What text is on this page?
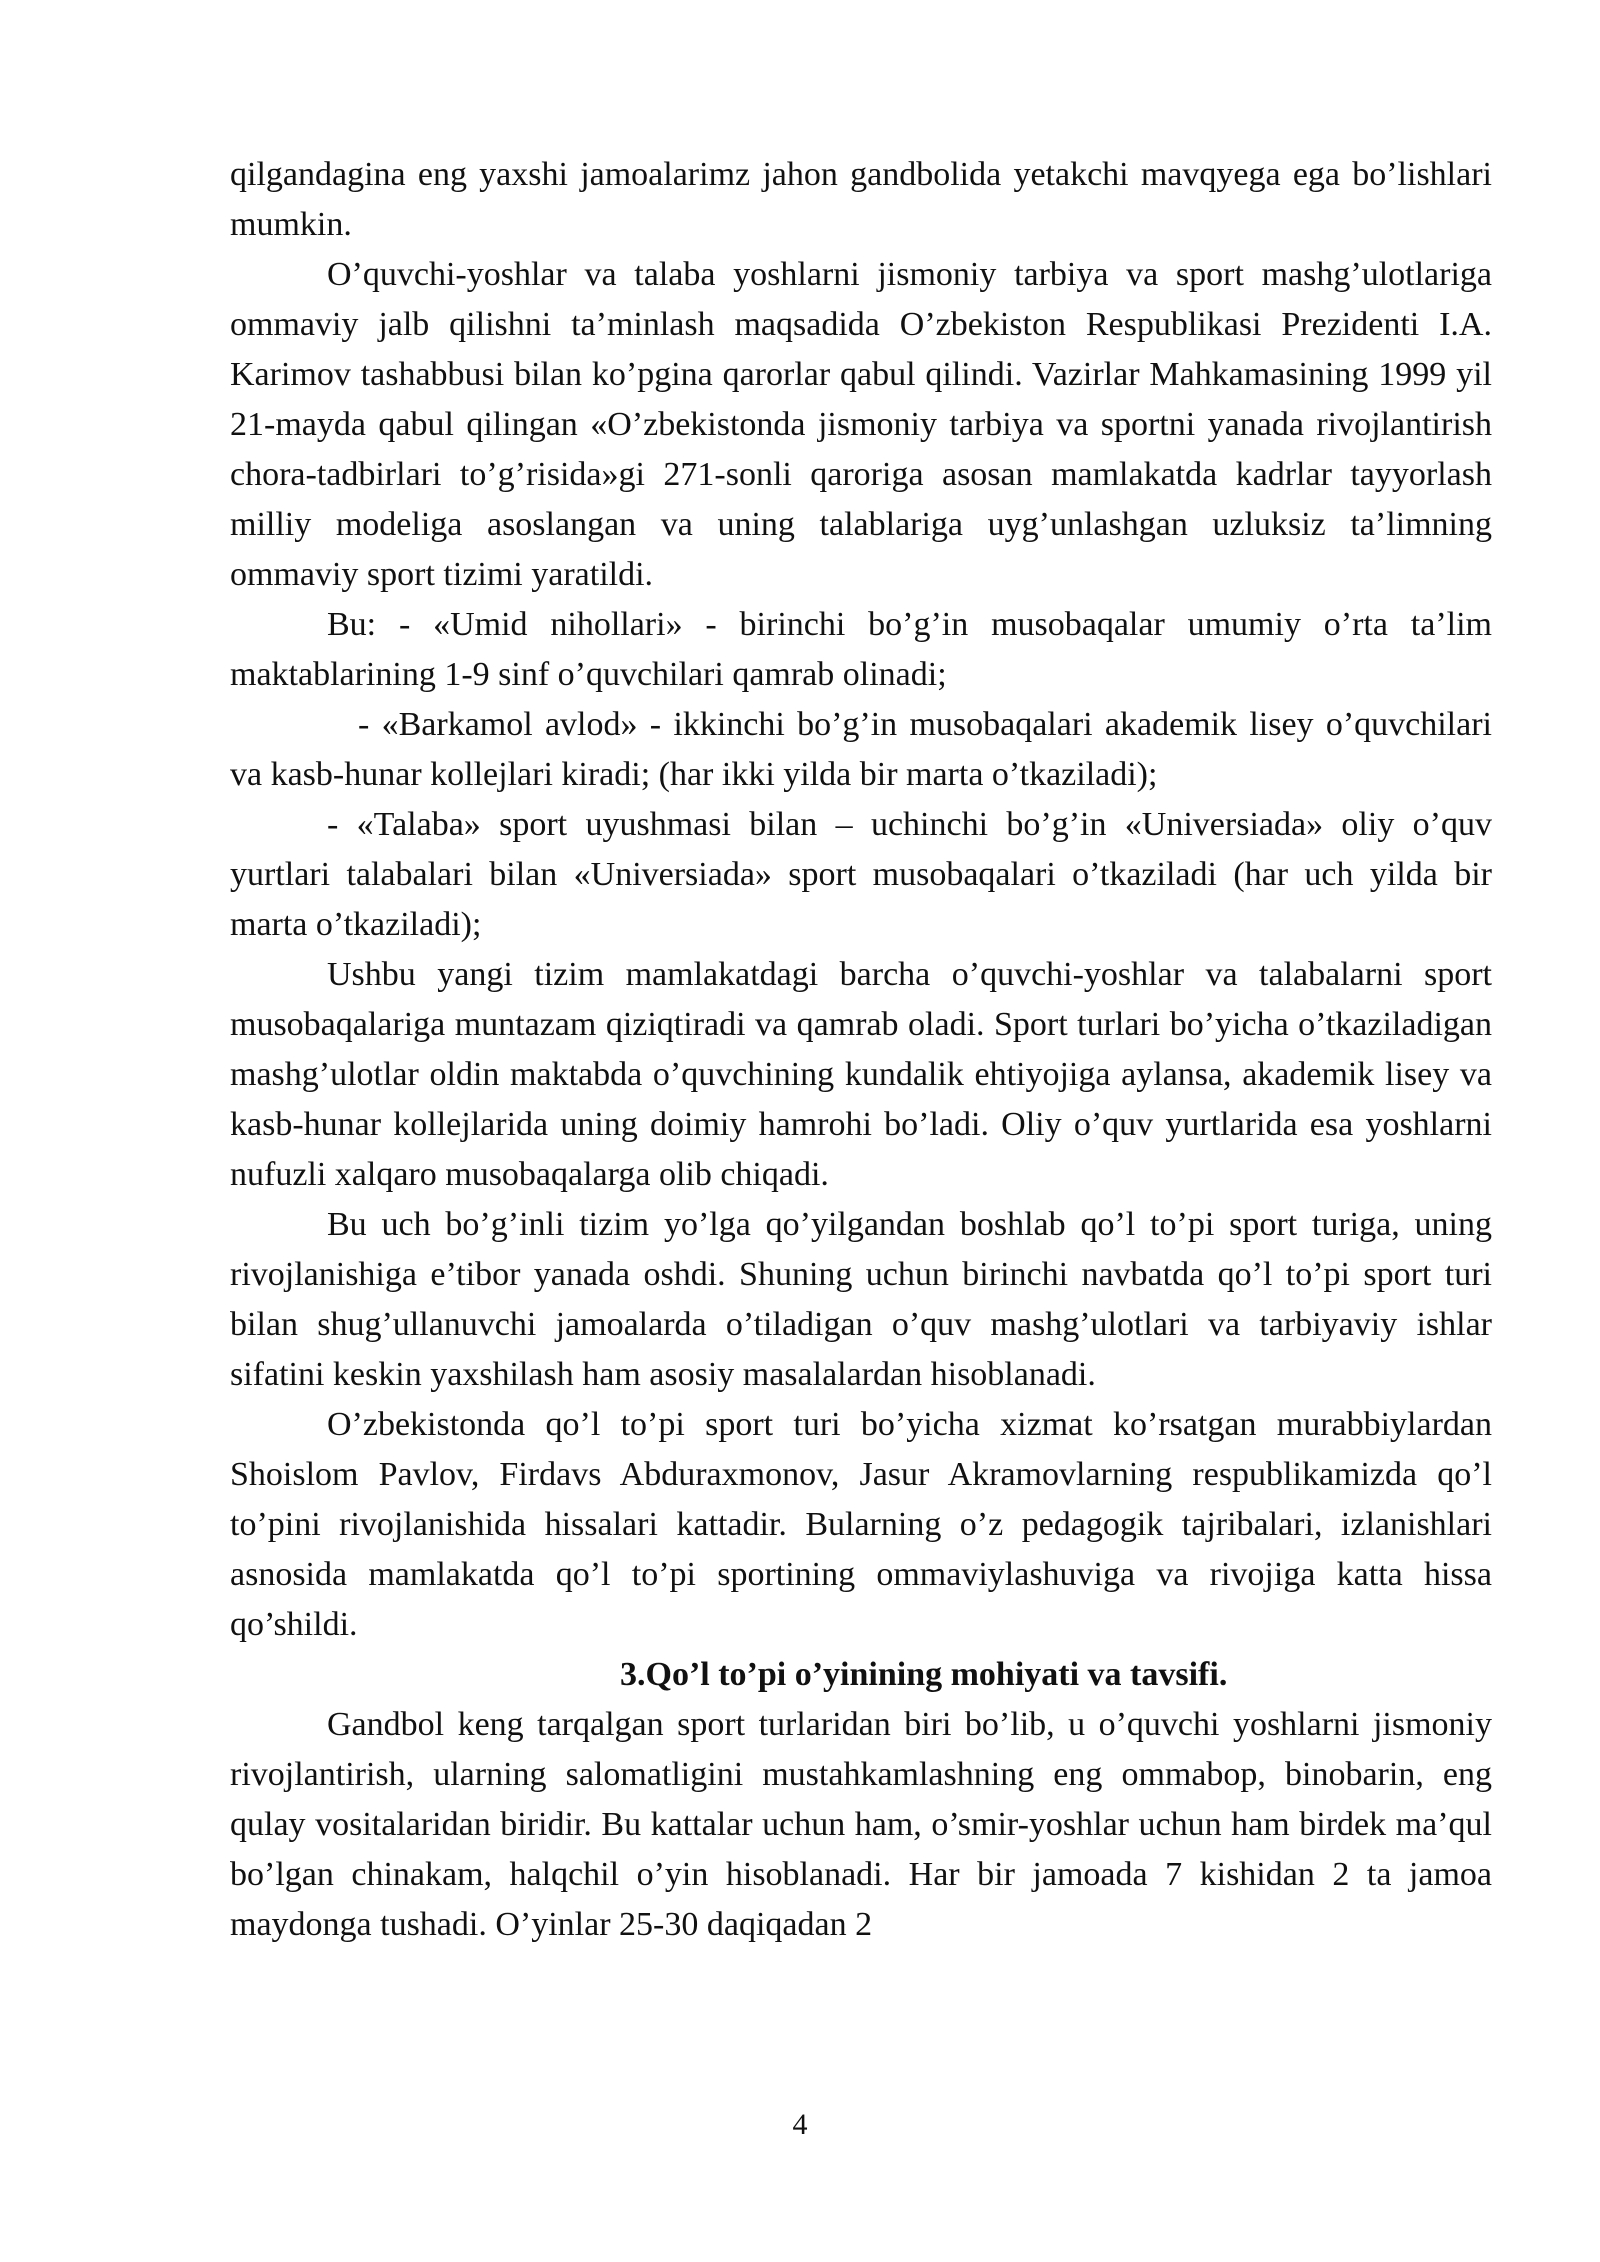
qilgandagina eng yaxshi jamoalarimz jahon gandbolida yetakchi mavqyega ega bo’lishlari mumkin.

O’quvchi-yoshlar va talaba yoshlarni jismoniy tarbiya va sport mashg’ulotlariga ommaviy jalb qilishni ta’minlash maqsadida O’zbekiston Respublikasi Prezidenti I.A. Karimov tashabbusi bilan ko’pgina qarorlar qabul qilindi. Vazirlar Mahkamasining 1999 yil 21-mayda qabul qilingan «O’zbekistonda jismoniy tarbiya va sportni yanada rivojlantirish chora-tadbirlari to’g’risida»gi 271-sonli qaroriga asosan mamlakatda kadrlar tayyorlash milliy modeliga asoslangan va uning talablariga uyg’unlashgan uzluksiz ta’limning ommaviy sport tizimi yaratildi.

Bu: - «Umid nihollari» - birinchi bo’g’in musobaqalar umumiy o’rta ta’lim maktablarining 1-9 sinf o’quvchilari qamrab olinadi;

- «Barkamol avlod» - ikkinchi bo’g’in musobaqalari akademik lisey o’quvchilari va kasb-hunar kollejlari kiradi; (har ikki yilda bir marta o’tkaziladi);

- «Talaba» sport uyushmasi bilan – uchinchi bo’g’in «Universiada» oliy o’quv yurtlari talabalari bilan «Universiada» sport musobaqalari o’tkaziladi (har uch yilda bir marta o’tkaziladi);

Ushbu yangi tizim mamlakatdagi barcha o’quvchi-yoshlar va talabalarni sport musobaqalariga muntazam qiziqtiradi va qamrab oladi. Sport turlari bo’yicha o’tkaziladigan mashg’ulotlar oldin maktabda o’quvchining kundalik ehtiyojiga aylansa, akademik lisey va kasb-hunar kollejlarida uning doimiy hamrohi bo’ladi. Oliy o’quv yurtlarida esa yoshlarni nufuzli xalqaro musobaqalarga olib chiqadi.

Bu uch bo’g’inli tizim yo’lga qo’yilgandan boshlab qo’l to’pi sport turiga, uning rivojlanishiga e’tibor yanada oshdi. Shuning uchun birinchi navbatda qo’l to’pi sport turi bilan shug’ullanuvchi jamoalarda o’tiladigan o’quv mashg’ulotlari va tarbiyaviy ishlar sifatini keskin yaxshilash ham asosiy masalalardan hisoblanadi.

O’zbekistonda qo’l to’pi sport turi bo’yicha xizmat ko’rsatgan murabbiylardan Shoislom Pavlov, Firdavs Abduraxmonov, Jasur Akramovlarning respublikamizda qo’l to’pini rivojlanishida hissalari kattadir. Bularning o’z pedagogik tajribalari, izlanishlari asnosida mamlakatda qo’l to’pi sportining ommaviylashuviga va rivojiga katta hissa qo’shildi.

3.Qo’l to’pi o’yinining mohiyati va tavsifi.

Gandbol keng tarqalgan sport turlaridan biri bo’lib, u o’quvchi yoshlarni jismoniy rivojlantirish, ularning salomatligini mustahkamlashning eng ommabop, binobarin, eng qulay vositalaridan biridir. Bu kattalar uchun ham, o’smir-yoshlar uchun ham birdek ma’qul bo’lgan chinakam, halqchil o’yin hisoblanadi. Har bir jamoada 7 kishidan 2 ta jamoa maydonga tushadi. O’yinlar 25-30 daqiqadan 2

4
